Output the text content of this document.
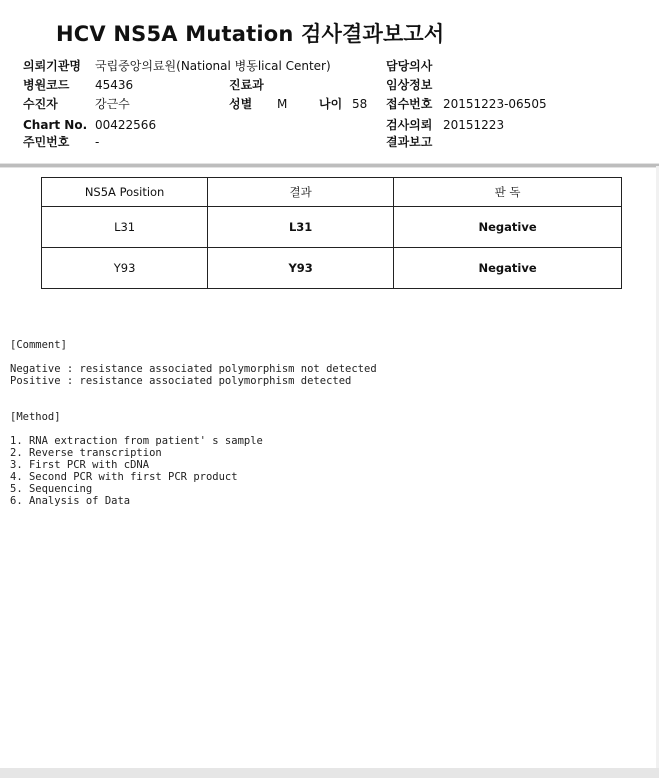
HCV NS5A Mutation 검사결과보고서
의뢰기관명 국립중앙의료원(National 병동lical Center)	담당의사
병원코드 45436	진료과	임상정보
수진자	강근수	성별 M	나이 58 접수번호 20151223-06505
Chart No. 00422566	검사의뢰 20151223
주민번호 -	결과보고
NS5A Position	결과	판 독
L31	L31	Negative
Y93	Y93	Negative
[Comment]
Negative : resistance associated polymorphism not detected
Positive : resistance associated polymorphism detected
[Method]
1. RNA extraction from patient' s sample
2. Reverse transcription
3. First PCR with cDNA
4. Second PCR with first PCR product
5. Sequencing
6. Analysis of Data
